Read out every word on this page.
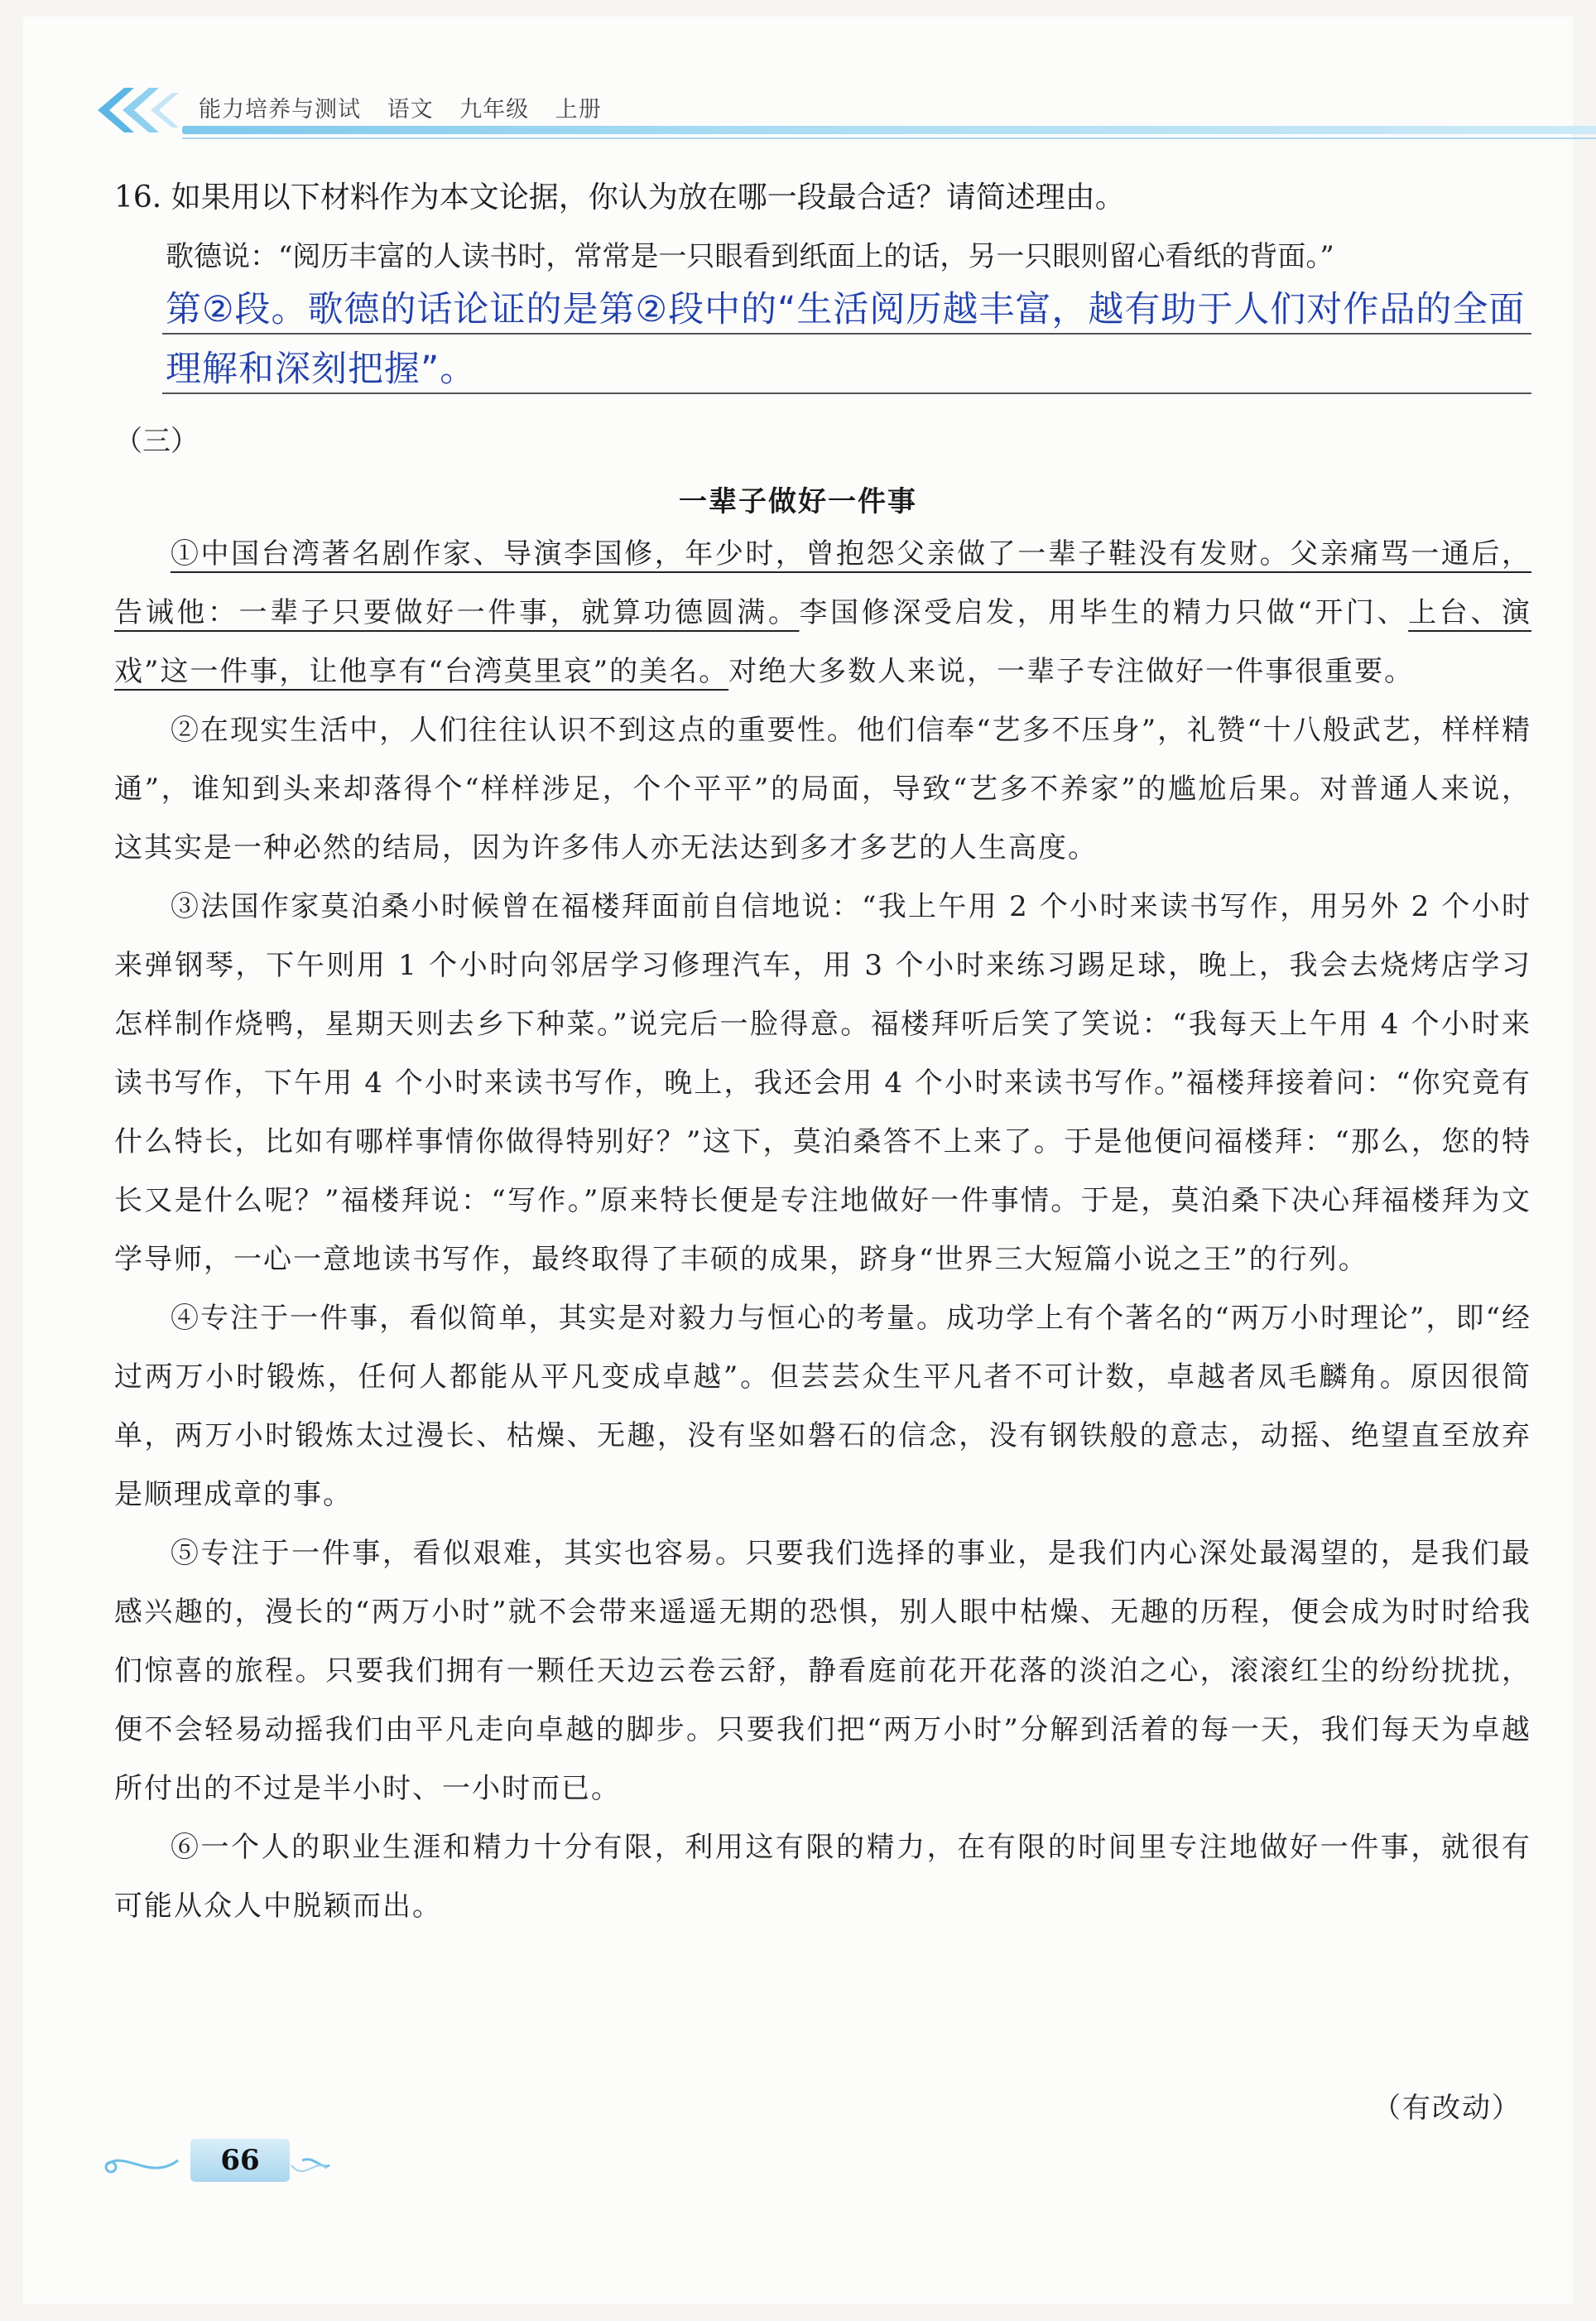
能力培养与测试 语文 九年级 上册
16. 如果用以下材料作为本文论据，你认为放在哪一段最合适？请简述理由。
歌德说：“阅历丰富的人读书时，常常是一只眼看到纸面上的话，另一只眼则留心看纸的背面。”
第②段。歌德的话论证的是第②段中的“生活阅历越丰富，越有助于人们对作品的全面理解和深刻把握”。
（三）
一辈子做好一件事

①中国台湾著名剧作家、导演李国修，年少时，曾抱怨父亲做了一辈子鞋没有发财。父亲痛骂一通后，告诫他：一辈子只要做好一件事，就算功德圆满。李国修深受启发，用毕生的精力只做“开门、上台、演戏”这一件事，让他享有“台湾莫里哀”的美名。对绝大多数人来说，一辈子专注做好一件事很重要。

②在现实生活中，人们往往认识不到这点的重要性。他们信奉“艺多不压身”，礼赞“十八般武艺，样样精通”，谁知到头来却落得个“样样涉足，个个平平”的局面，导致“艺多不养家”的尴尬后果。对普通人来说，这其实是一种必然的结局，因为许多伟人亦无法达到多才多艺的人生高度。

③法国作家莫泊桑小时候曾在福楼拜面前自信地说：“我上午用 2 个小时来读书写作，用另外 2 个小时来弹钢琴，下午则用 1 个小时向邻居学习修理汽车，用 3 个小时来练习踢足球，晚上，我会去烧烤店学习怎样制作烧鸭，星期天则去乡下种菜。”说完后一脸得意。福楼拜听后笑了笑说：“我每天上午用 4 个小时来读书写作，下午用 4 个小时来读书写作，晚上，我还会用 4 个小时来读书写作。”福楼拜接着问：“你究竟有什么特长，比如有哪样事情你做得特别好？”这下，莫泊桑答不上来了。于是他便问福楼拜：“那么，您的特长又是什么呢？”福楼拜说：“写作。”原来特长便是专注地做好一件事情。于是，莫泊桑下决心拜福楼拜为文学导师，一心一意地读书写作，最终取得了丰硕的成果，跻身“世界三大短篇小说之王”的行列。

④专注于一件事，看似简单，其实是对毅力与恒心的考量。成功学上有个著名的“两万小时理论”，即“经过两万小时锻炼，任何人都能从平凡变成卓越”。但芸芸众生平凡者不可计数，卓越者凤毛麟角。原因很简单，两万小时锻炼太过漫长、枯燥、无趣，没有坚如磐石的信念，没有钢铁般的意志，动摇、绝望直至放弃是顺理成章的事。

⑤专注于一件事，看似艰难，其实也容易。只要我们选择的事业，是我们内心深处最渴望的，是我们最感兴趣的，漫长的“两万小时”就不会带来遥遥无期的恐惧，别人眼中枯燥、无趣的历程，便会成为时时给我们惊喜的旅程。只要我们拥有一颗任天边云卷云舒，静看庭前花开花落的淡泊之心，滚滚红尘的纷纷扰扰，便不会轻易动摇我们由平凡走向卓越的脚步。只要我们把“两万小时”分解到活着的每一天，我们每天为卓越所付出的不过是半小时、一小时而已。

⑥一个人的职业生涯和精力十分有限，利用这有限的精力，在有限的时间里专注地做好一件事，就很有可能从众人中脱颖而出。

（有改动）
66
